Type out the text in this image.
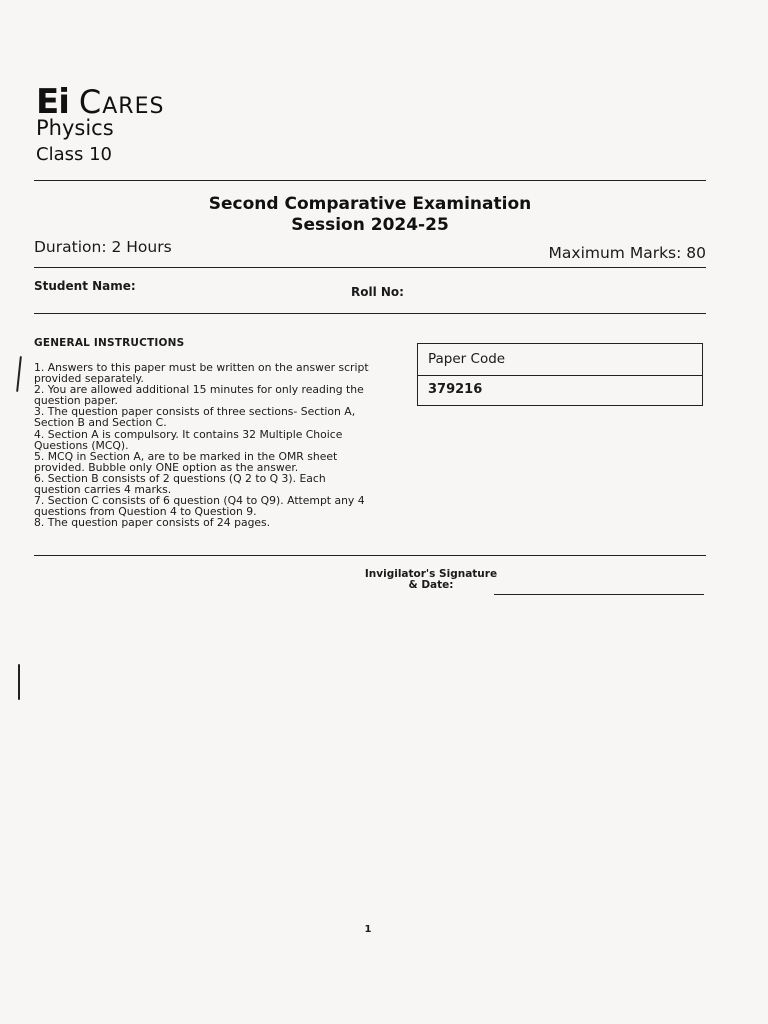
Ei Cares
Physics
Class 10
Second Comparative Examination
Session 2024-25
Duration: 2 Hours	Maximum Marks: 80
Student Name:	Roll No:
GENERAL INSTRUCTIONS

1. Answers to this paper must be written on the answer script provided separately.

2. You are allowed additional 15 minutes for only reading the question paper.

3. The question paper consists of three sections- Section A, Section B and Section C.

4. Section A is compulsory. It contains 32 Multiple Choice Questions (MCQ).

5. MCQ in Section A, are to be marked in the OMR sheet provided. Bubble only ONE option as the answer.

6. Section B consists of 2 questions (Q 2 to Q 3). Each question carries 4 marks.

7. Section C consists of 6 question (Q4 to Q9). Attempt any 4 questions from Question 4 to Question 9.

8. The question paper consists of 24 pages.

Paper Code
379216
Invigilator's Signature & Date:
1
